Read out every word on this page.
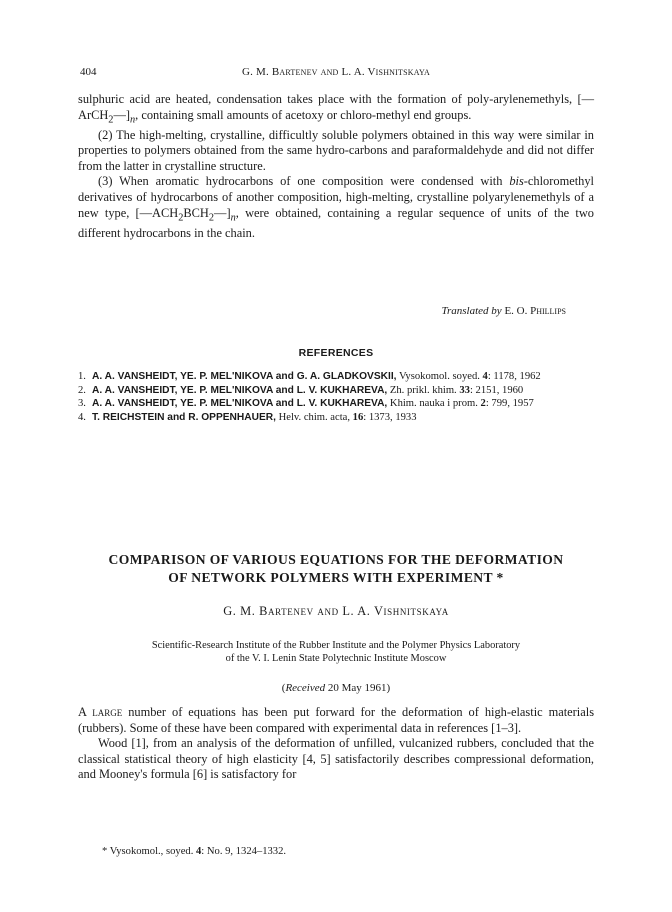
404	G. M. Bartenev and L. A. Vishnitskaya

sulphuric acid are heated, condensation takes place with the formation of poly-arylenemethyls, $[—ArCH_2—]_n$, containing small amounts of acetoxy or chloro-methyl end groups.

(2) The high-melting, crystalline, difficultly soluble polymers obtained in this way were similar in properties to polymers obtained from the same hydro-carbons and paraformaldehyde and did not differ from the latter in crystalline structure.

(3) When aromatic hydrocarbons of one composition were condensed with bis-chloromethyl derivatives of hydrocarbons of another composition, high-melting, crystalline polyarylenemethyls of a new type, $[—ACH_2BCH_2—]_n$, were obtained, containing a regular sequence of units of the two different hydrocarbons in the chain.

Translated by E. O. Phillips
REFERENCES
1. A. A. VANSHEIDT, YE. P. MEL'NIKOVA and G. A. GLADKOVSKII, Vysokomol. soyed. 4: 1178, 1962
2. A. A. VANSHEIDT, YE. P. MEL'NIKOVA and L. V. KUKHAREVA, Zh. prikl. khim. 33: 2151, 1960
3. A. A. VANSHEIDT, YE. P. MEL'NIKOVA and L. V. KUKHAREVA, Khim. nauka i prom. 2: 799, 1957
4. T. REICHSTEIN and R. OPPENHAUER, Helv. chim. acta, 16: 1373, 1933
COMPARISON OF VARIOUS EQUATIONS FOR THE DEFORMATION
OF NETWORK POLYMERS WITH EXPERIMENT *
G. M. Bartenev and L. A. Vishnitskaya
Scientific-Research Institute of the Rubber Institute and the Polymer Physics Laboratory
of the V. I. Lenin State Polytechnic Institute Moscow
(Received 20 May 1961)

A large number of equations has been put forward for the deformation of high-elastic materials (rubbers). Some of these have been compared with experimental data in references [1–3].

Wood [1], from an analysis of the deformation of unfilled, vulcanized rubbers, concluded that the classical statistical theory of high elasticity [4, 5] satisfactorily describes compressional deformation, and Mooney's formula [6] is satisfactory for

* Vysokomol., soyed. 4: No. 9, 1324–1332.
